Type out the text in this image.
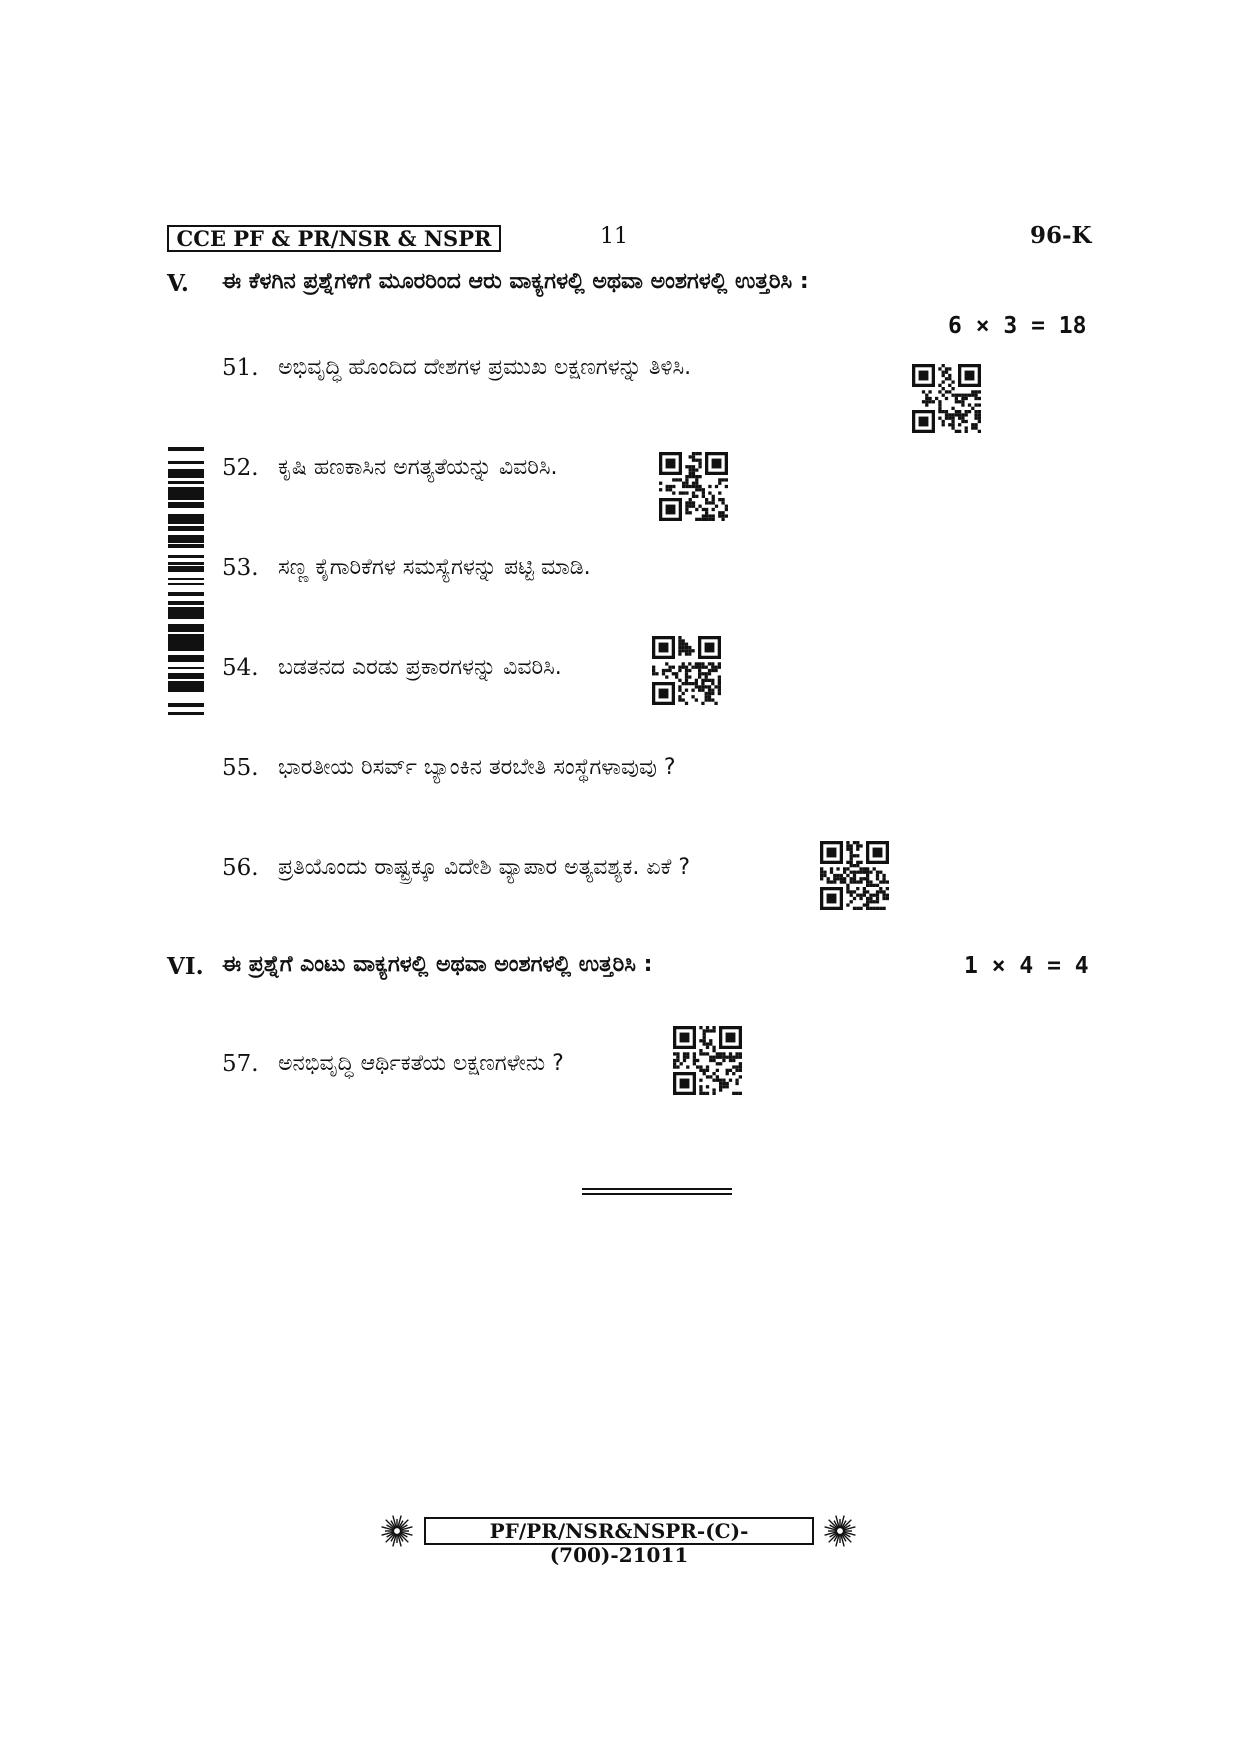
CCE PF & PR/NSR & NSPR	11	96-K
V. ಈ ಕೆಳಗಿನ ಪ್ರಶ್ನೆಗಳಿಗೆ ಮೂರರಿಂದ ಆರು ವಾಕ್ಯಗಳಲ್ಲಿ ಅಥವಾ ಅಂಶಗಳಲ್ಲಿ ಉತ್ತರಿಸಿ :
6 × 3 = 18
51. ಅಭಿವೃದ್ಧಿ ಹೊಂದಿದ ದೇಶಗಳ ಪ್ರಮುಖ ಲಕ್ಷಣಗಳನ್ನು ತಿಳಿಸಿ.
52. ಕೃಷಿ ಹಣಕಾಸಿನ ಅಗತ್ಯತೆಯನ್ನು ವಿವರಿಸಿ.
53. ಸಣ್ಣ ಕೈಗಾರಿಕೆಗಳ ಸಮಸ್ಯೆಗಳನ್ನು ಪಟ್ಟಿ ಮಾಡಿ.
54. ಬಡತನದ ಎರಡು ಪ್ರಕಾರಗಳನ್ನು ವಿವರಿಸಿ.
55. ಭಾರತೀಯ ರಿಸರ್ವ್ ಬ್ಯಾಂಕಿನ ತರಬೇತಿ ಸಂಸ್ಥೆಗಳಾವುವು ?
56. ಪ್ರತಿಯೊಂದು ರಾಷ್ಟ್ರಕ್ಕೂ ವಿದೇಶಿ ವ್ಯಾಪಾರ ಅತ್ಯವಶ್ಯಕ. ಏಕೆ ?
VI. ಈ ಪ್ರಶ್ನೆಗೆ ಎಂಟು ವಾಕ್ಯಗಳಲ್ಲಿ ಅಥವಾ ಅಂಶಗಳಲ್ಲಿ ಉತ್ತರಿಸಿ :	1 × 4 = 4
57. ಅನಭಿವೃದ್ಧಿ ಆರ್ಥಿಕತೆಯ ಲಕ್ಷಣಗಳೇನು ?
PF/PR/NSR&NSPR-(C)-(700)-21011
